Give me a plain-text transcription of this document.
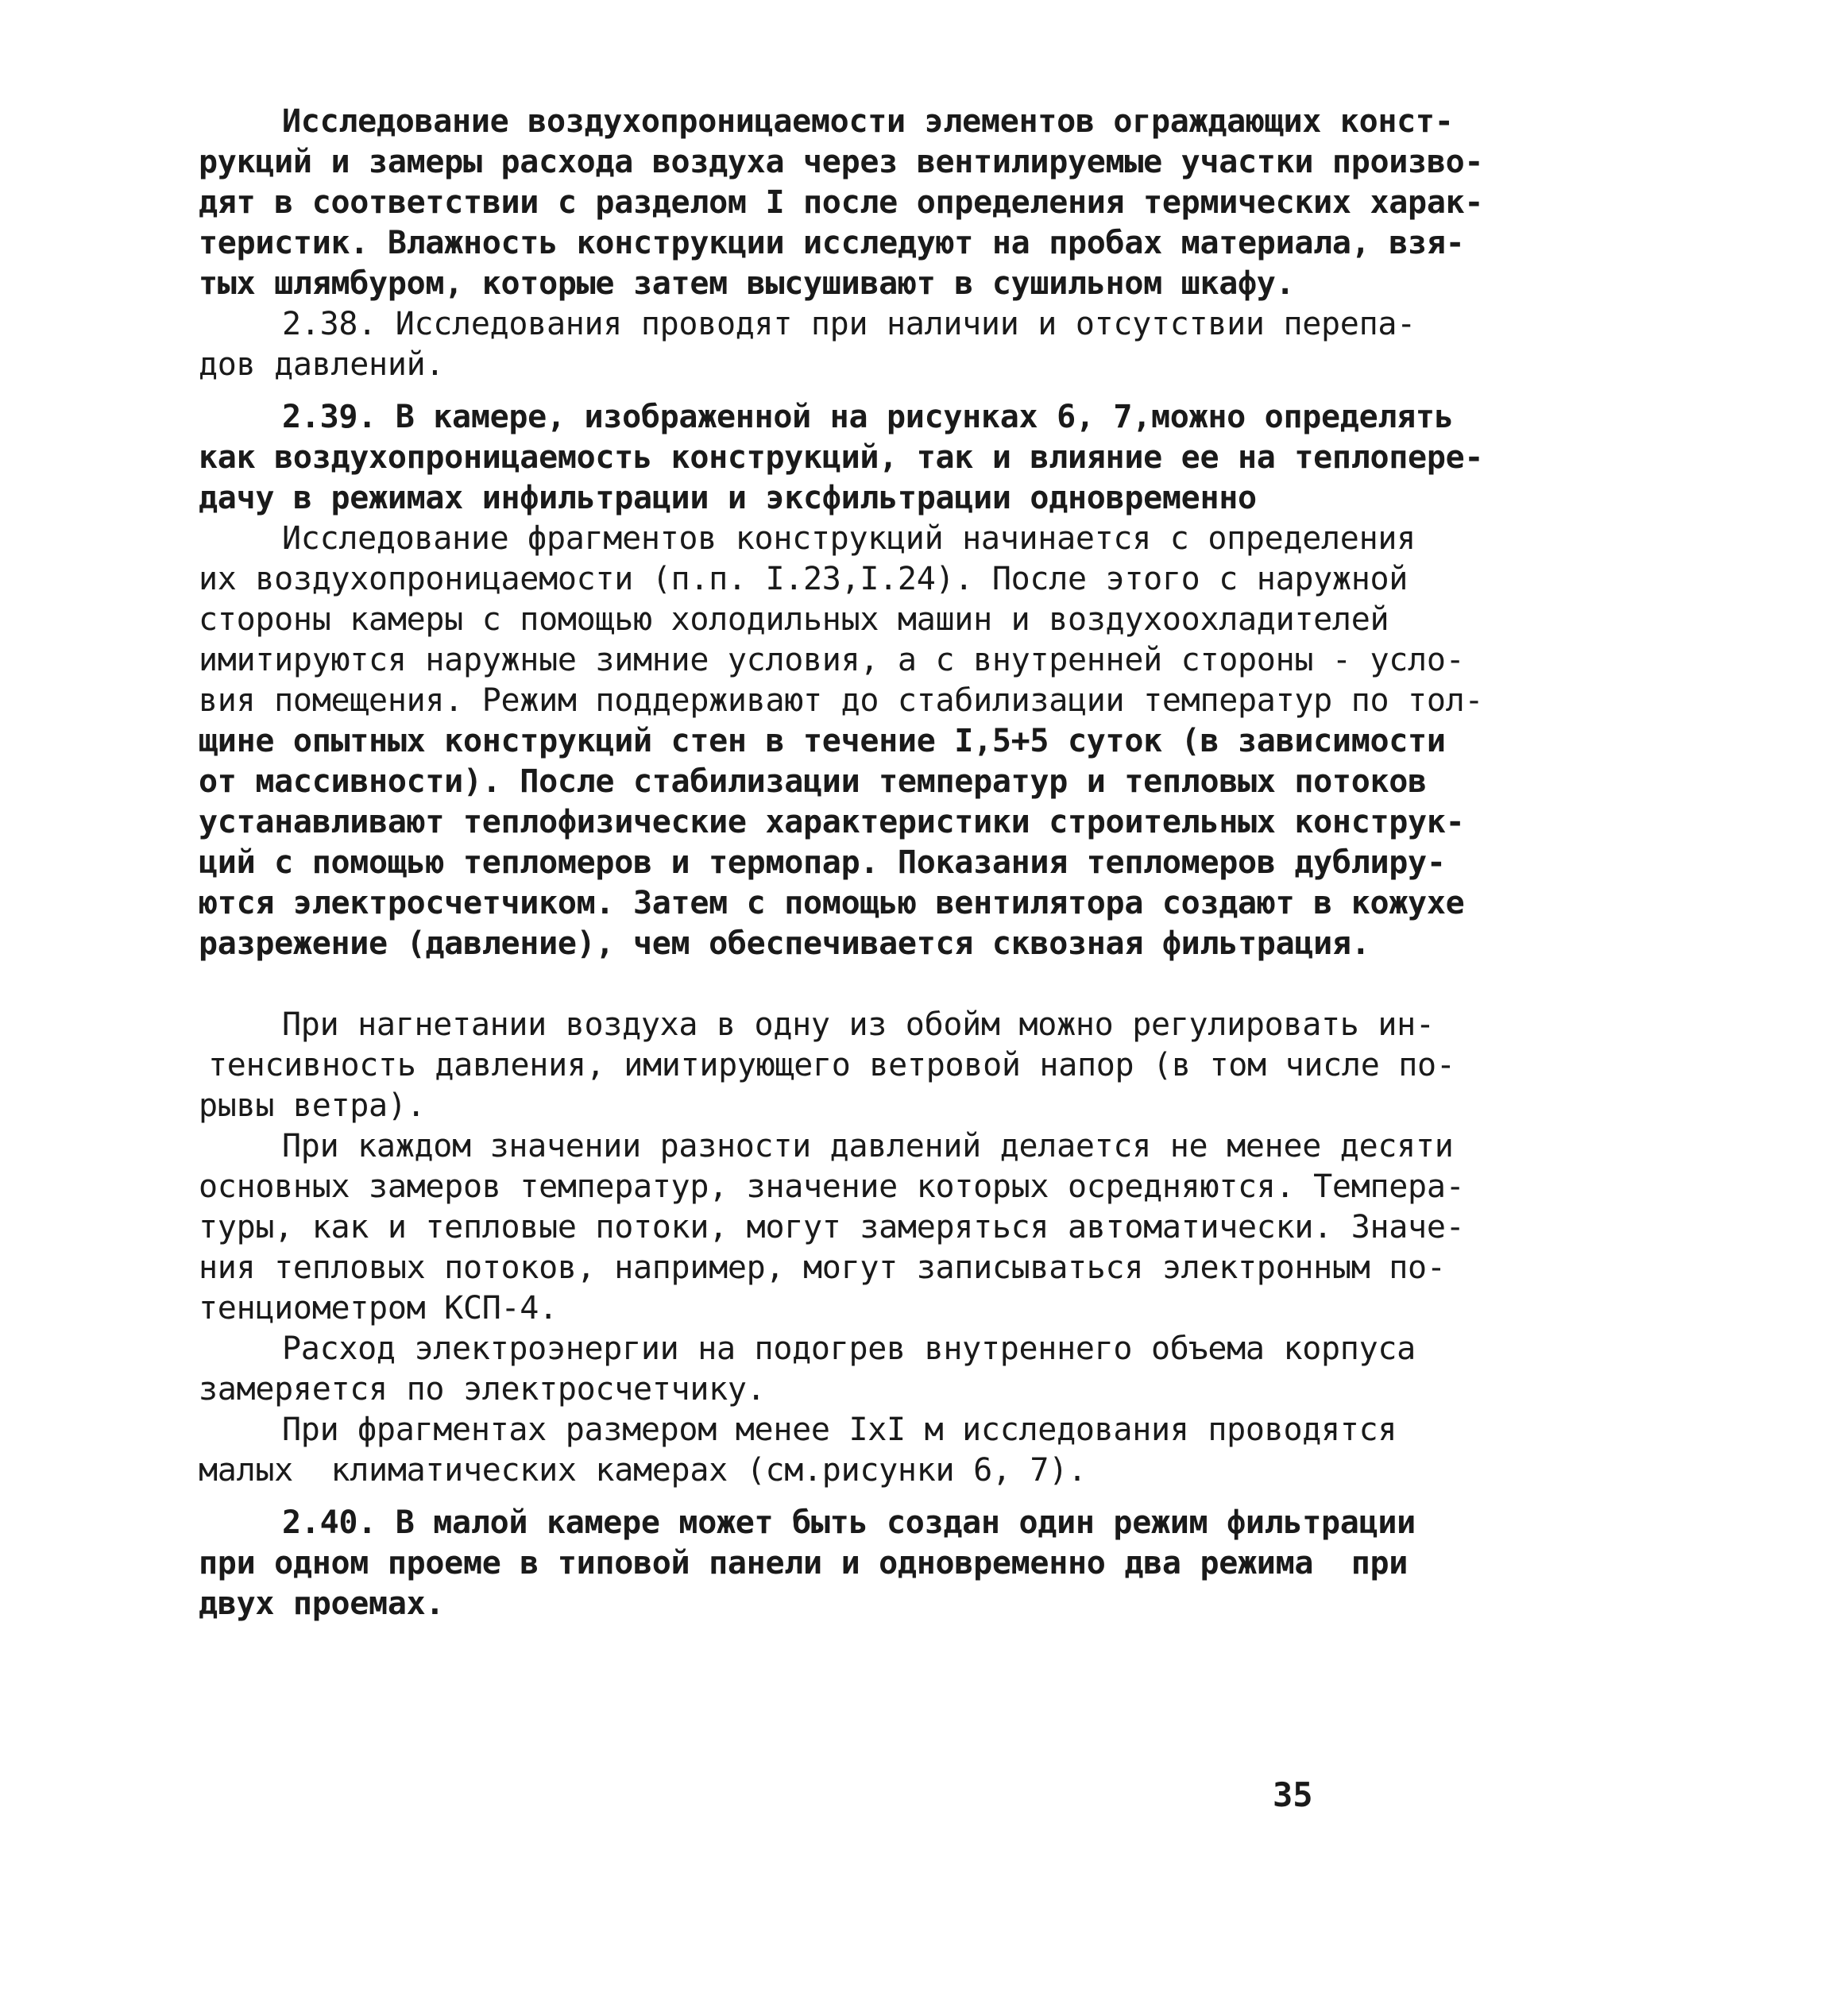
Исследование воздухопроницаемости элементов ограждающих конст-
рукций и замеры расхода воздуха через вентилируемые участки произво-
дят в соответствии с разделом I после определения термических харак-
теристик. Влажность конструкции исследуют на пробах материала, взя-
тых шлямбуром, которые затем высушивают в сушильном шкафу.
2.38. Исследования проводят при наличии и отсутствии перепа-
дов давлений.
2.39. В камере, изображенной на рисунках 6, 7,можно определять
как воздухопроницаемость конструкций, так и влияние ее на теплопере-
дачу в режимах инфильтрации и эксфильтрации одновременно
Исследование фрагментов конструкций начинается с определения
их воздухопроницаемости (п.п. I.23,I.24). После этого с наружной
стороны камеры с помощью холодильных машин и воздухоохладителей
имитируются наружные зимние условия, а с внутренней стороны - усло-
вия помещения. Режим поддерживают до стабилизации температур по тол-
щине опытных конструкций стен в течение I,5+5 суток (в зависимости
от массивности). После стабилизации температур и тепловых потоков
устанавливают теплофизические характеристики строительных конструк-
ций с помощью тепломеров и термопар. Показания тепломеров дублиру-
ются электросчетчиком. Затем с помощью вентилятора создают в кожухе
разрежение (давление), чем обеспечивается сквозная фильтрация.
При нагнетании воздуха в одну из обойм можно регулировать ин-
тенсивность давления, имитирующего ветровой напор (в том числе по-
рывы ветра).
При каждом значении разности давлений делается не менее десяти
основных замеров температур, значение которых осредняются. Темпера-
туры, как и тепловые потоки, могут замеряться автоматически. Значе-
ния тепловых потоков, например, могут записываться электронным по-
тенциометром КСП-4.
Расход электроэнергии на подогрев внутреннего объема корпуса
замеряется по электросчетчику.
При фрагментах размером менее IxI м исследования проводятся
малых  климатических камерах (см.рисунки 6, 7).
2.40. В малой камере может быть создан один режим фильтрации
при одном проеме в типовой панели и одновременно два режима  при
двух проемах.
35
